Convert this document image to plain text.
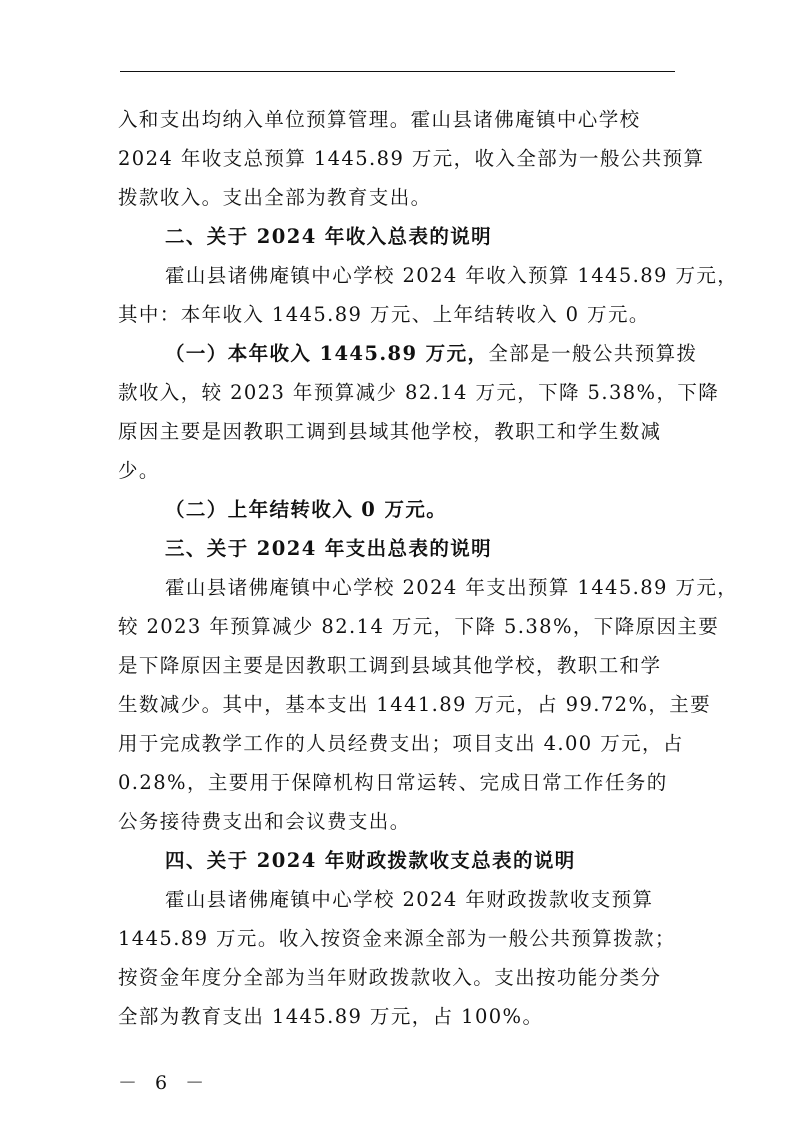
入和支出均纳入单位预算管理。霍山县诸佛庵镇中心学校
2024 年收支总预算 1445.89 万元，收入全部为一般公共预算
拨款收入。支出全部为教育支出。
二、关于 2024 年收入总表的说明
霍山县诸佛庵镇中心学校 2024 年收入预算 1445.89 万元，
其中：本年收入 1445.89 万元、上年结转收入 0 万元。
（一）本年收入 1445.89 万元，全部是一般公共预算拨
款收入，较 2023 年预算减少 82.14 万元，下降 5.38%，下降
原因主要是因教职工调到县域其他学校，教职工和学生数减
少。
（二）上年结转收入 0 万元。
三、关于 2024 年支出总表的说明
霍山县诸佛庵镇中心学校 2024 年支出预算 1445.89 万元，
较 2023 年预算减少 82.14 万元，下降 5.38%，下降原因主要
是下降原因主要是因教职工调到县域其他学校，教职工和学
生数减少。其中，基本支出 1441.89 万元，占 99.72%，主要
用于完成教学工作的人员经费支出；项目支出 4.00 万元，占
0.28%，主要用于保障机构日常运转、完成日常工作任务的
公务接待费支出和会议费支出。
四、关于 2024 年财政拨款收支总表的说明
霍山县诸佛庵镇中心学校 2024 年财政拨款收支预算
1445.89 万元。收入按资金来源全部为一般公共预算拨款；
按资金年度分全部为当年财政拨款收入。支出按功能分类分
全部为教育支出 1445.89 万元，占 100%。
－ 6 －
